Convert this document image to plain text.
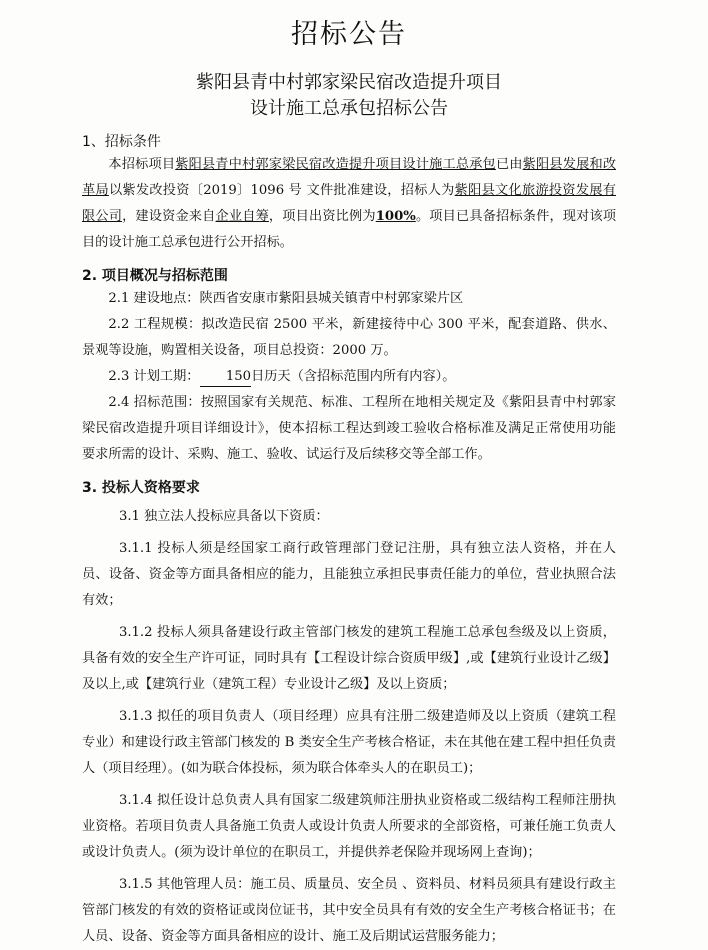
招标公告
紫阳县青中村郭家梁民宿改造提升项目
设计施工总承包招标公告
1、招标条件

本招标项目紫阳县青中村郭家梁民宿改造提升项目设计施工总承包已由紫阳县发展和改革局以紫发改投资〔2019〕1096 号 文件批准建设，招标人为紫阳县文化旅游投资发展有限公司，建设资金来自企业自筹，项目出资比例为100%。项目已具备招标条件，现对该项目的设计施工总承包进行公开招标。

2. 项目概况与招标范围

2.1 建设地点：陕西省安康市紫阳县城关镇青中村郭家梁片区

2.2 工程规模：拟改造民宿 2500 平米，新建接待中心 300 平米，配套道路、供水、景观等设施，购置相关设备，项目总投资：2000 万。

2.3 计划工期： 150日历天（含招标范围内所有内容）。

2.4 招标范围：按照国家有关规范、标准、工程所在地相关规定及《紫阳县青中村郭家梁民宿改造提升项目详细设计》，使本招标工程达到竣工验收合格标准及满足正常使用功能要求所需的设计、采购、施工、验收、试运行及后续移交等全部工作。

3. 投标人资格要求

3.1 独立法人投标应具备以下资质：

3.1.1 投标人须是经国家工商行政管理部门登记注册，具有独立法人资格，并在人员、设备、资金等方面具备相应的能力，且能独立承担民事责任能力的单位，营业执照合法有效；

3.1.2 投标人须具备建设行政主管部门核发的建筑工程施工总承包叁级及以上资质，具备有效的安全生产许可证，同时具有【工程设计综合资质甲级】,或【建筑行业设计乙级】及以上,或【建筑行业（建筑工程）专业设计乙级】及以上资质；

3.1.3 拟任的项目负责人（项目经理）应具有注册二级建造师及以上资质（建筑工程专业）和建设行政主管部门核发的 B 类安全生产考核合格证，未在其他在建工程中担任负责人（项目经理）。(如为联合体投标，须为联合体牵头人的在职员工)；

3.1.4 拟任设计总负责人具有国家二级建筑师注册执业资格或二级结构工程师注册执业资格。若项目负责人具备施工负责人或设计负责人所要求的全部资格，可兼任施工负责人或设计负责人。(须为设计单位的在职员工，并提供养老保险并现场网上查询)；

3.1.5 其他管理人员：施工员、质量员、安全员 、资料员、材料员须具有建设行政主管部门核发的有效的资格证或岗位证书，其中安全员具有有效的安全生产考核合格证书；在人员、设备、资金等方面具备相应的设计、施工及后期试运营服务能力；
